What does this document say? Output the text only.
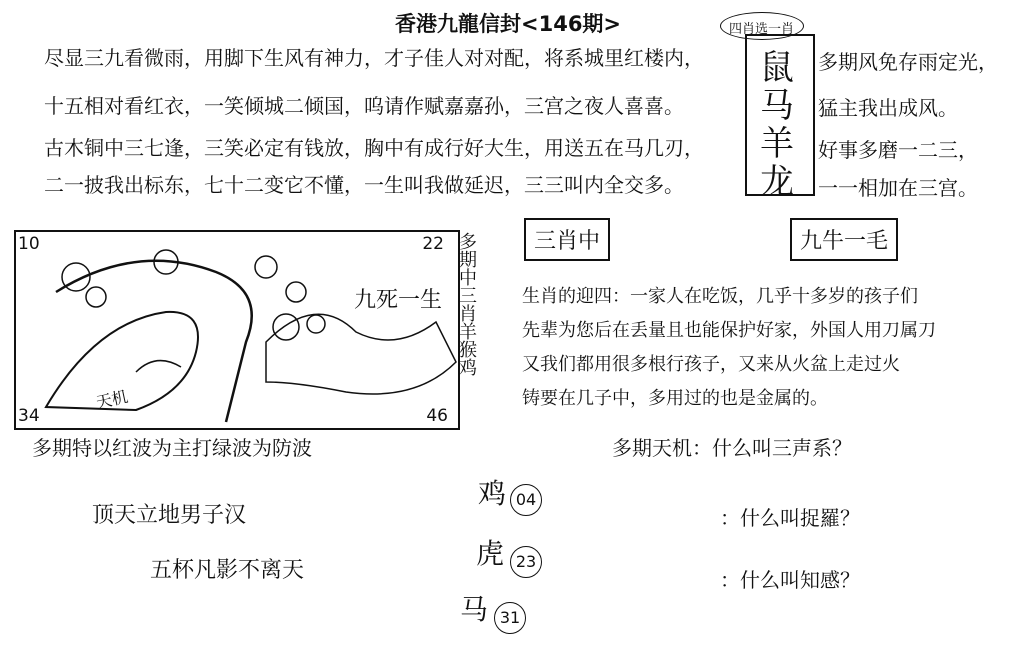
香港九龍信封<146期>
尽显三九看微雨，用脚下生风有神力，才子佳人对对配，将系城里红楼内，
十五相对看红衣，一笑倾城二倾国，呜请作赋嘉嘉孙，三宫之夜人喜喜。
古木铜中三七逢，三笑必定有钱放，胸中有成行好大生，用送五在马几刃，
二一披我出标东，七十二变它不懂，一生叫我做延迟，三三叫内全交多。
四肖选一肖
鼠
马
羊
龙
多期风免存雨定光，
猛主我出成风。
好事多磨一二三，
一一相加在三宫。
10	22
34	46
九死一生
天机
多期中三肖羊猴鸡	三肖中	九牛一毛
生肖的迎四：一家人在吃饭，几乎十多岁的孩子们
先辈为您后在丢量且也能保护好家，外国人用刀属刀
又我们都用很多根行孩子，又来从火盆上走过火
铸要在几子中，多用过的也是金属的。
多期特以红波为主打绿波为防波
顶天立地男子汉
五杯凡影不离天
多期天机：什么叫三声系？
：什么叫捉羅？
：什么叫知感？
鸡 04
虎 23
马 31
